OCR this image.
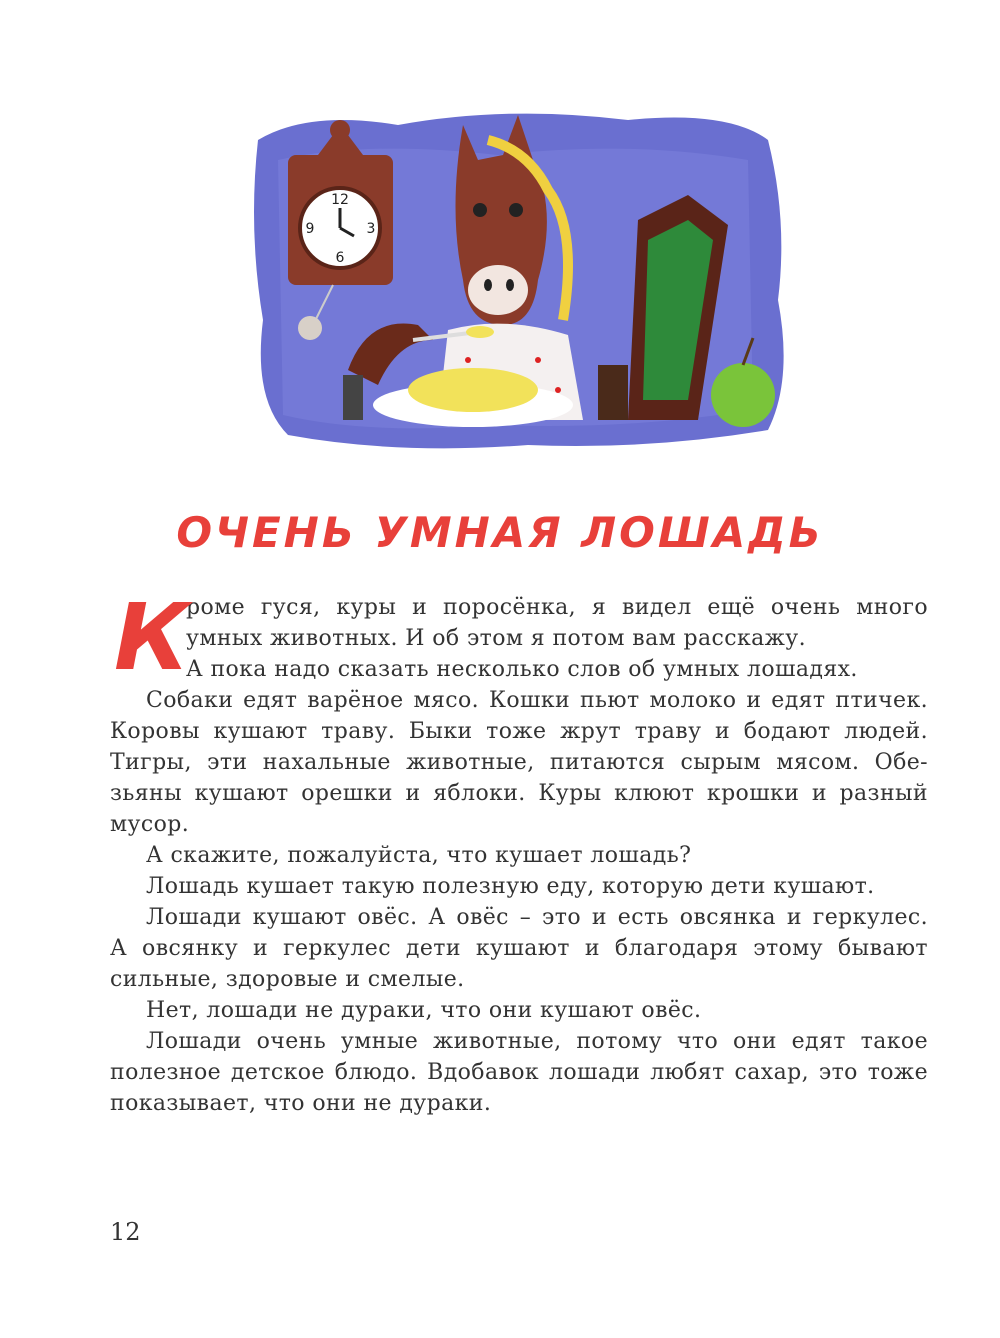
12
3
6
9
ОЧЕНЬ УМНАЯ ЛОШАДЬ
К
роме гуся, куры и поросёнка, я видел ещё очень много
умных животных. И об этом я потом вам расскажу.
А пока надо сказать несколько слов об умных лошадях.
Собаки едят варёное мясо. Кошки пьют молоко и едят птичек.
Коровы кушают траву. Быки тоже жрут траву и бодают людей.
Тигры, эти нахальные животные, питаются сырым мясом. Обе-
зьяны кушают орешки и яблоки. Куры клюют крошки и разный
мусор.
А скажите, пожалуйста, что кушает лошадь?
Лошадь кушает такую полезную еду, которую дети кушают.
Лошади кушают овёс. А овёс – это и есть овсянка и геркулес.
А овсянку и геркулес дети кушают и благодаря этому бывают
сильные, здоровые и смелые.
Нет, лошади не дураки, что они кушают овёс.
Лошади очень умные животные, потому что они едят такое
полезное детское блюдо. Вдобавок лошади любят сахар, это тоже
показывает, что они не дураки.
12
